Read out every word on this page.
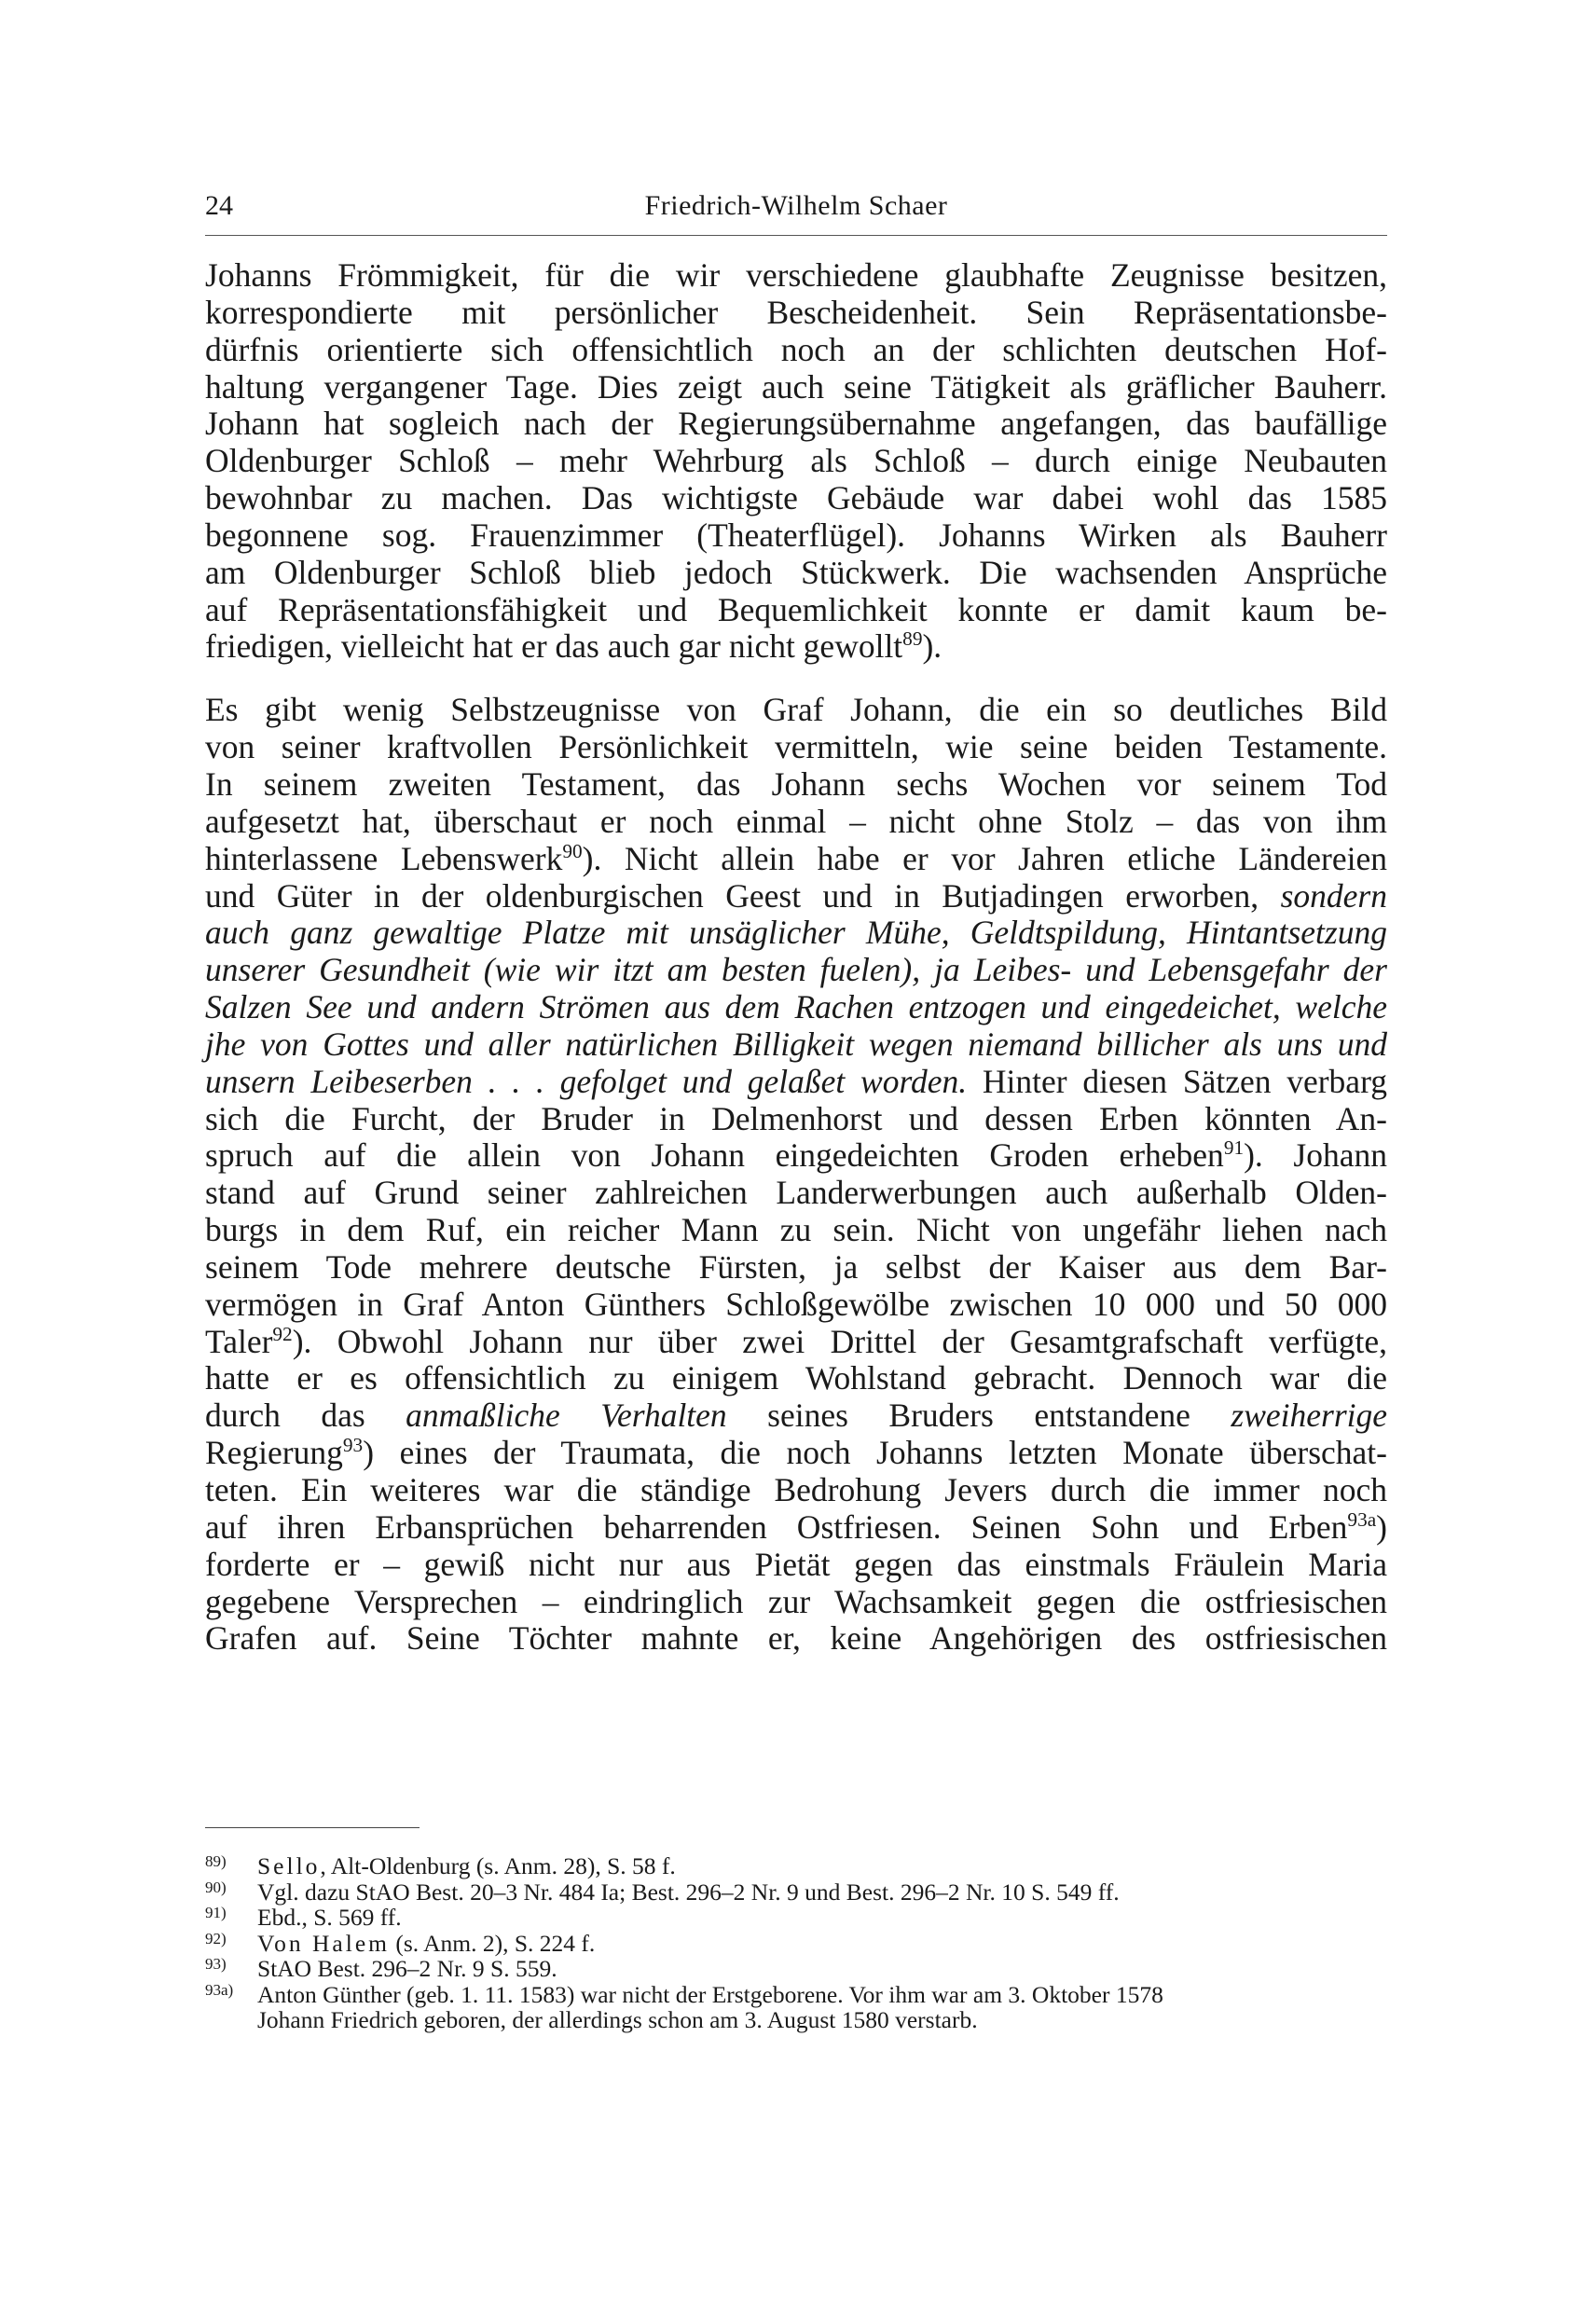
24	Friedrich-Wilhelm Schaer
Johanns Frömmigkeit, für die wir verschiedene glaubhafte Zeugnisse besitzen,
korrespondierte mit persönlicher Bescheidenheit. Sein Repräsentationsbe-
dürfnis orientierte sich offensichtlich noch an der schlichten deutschen Hof-
haltung vergangener Tage. Dies zeigt auch seine Tätigkeit als gräflicher Bauherr.
Johann hat sogleich nach der Regierungsübernahme angefangen, das baufällige
Oldenburger Schloß – mehr Wehrburg als Schloß – durch einige Neubauten
bewohnbar zu machen. Das wichtigste Gebäude war dabei wohl das 1585
begonnene sog. Frauenzimmer (Theaterflügel). Johanns Wirken als Bauherr
am Oldenburger Schloß blieb jedoch Stückwerk. Die wachsenden Ansprüche
auf Repräsentationsfähigkeit und Bequemlichkeit konnte er damit kaum be-
friedigen, vielleicht hat er das auch gar nicht gewollt$^{89}$).
Es gibt wenig Selbstzeugnisse von Graf Johann, die ein so deutliches Bild
von seiner kraftvollen Persönlichkeit vermitteln, wie seine beiden Testamente.
In seinem zweiten Testament, das Johann sechs Wochen vor seinem Tod
aufgesetzt hat, überschaut er noch einmal – nicht ohne Stolz – das von ihm
hinterlassene Lebenswerk$^{90}$). Nicht allein habe er vor Jahren etliche Ländereien
und Güter in der oldenburgischen Geest und in Butjadingen erworben, sondern
auch ganz gewaltige Platze mit unsäglicher Mühe, Geldtspildung, Hintantsetzung
unserer Gesundheit (wie wir itzt am besten fuelen), ja Leibes- und Lebensgefahr der
Salzen See und andern Strömen aus dem Rachen entzogen und eingedeichet, welche
jhe von Gottes und aller natürlichen Billigkeit wegen niemand billicher als uns und
unsern Leibeserben . . . gefolget und gelaßet worden. Hinter diesen Sätzen verbarg
sich die Furcht, der Bruder in Delmenhorst und dessen Erben könnten An-
spruch auf die allein von Johann eingedeichten Groden erheben$^{91}$). Johann
stand auf Grund seiner zahlreichen Landerwerbungen auch außerhalb Olden-
burgs in dem Ruf, ein reicher Mann zu sein. Nicht von ungefähr liehen nach
seinem Tode mehrere deutsche Fürsten, ja selbst der Kaiser aus dem Bar-
vermögen in Graf Anton Günthers Schloßgewölbe zwischen 10 000 und 50 000
Taler$^{92}$). Obwohl Johann nur über zwei Drittel der Gesamtgrafschaft verfügte,
hatte er es offensichtlich zu einigem Wohlstand gebracht. Dennoch war die
durch das anmaßliche Verhalten seines Bruders entstandene zweiherrige
Regierung$^{93}$) eines der Traumata, die noch Johanns letzten Monate überschat-
teten. Ein weiteres war die ständige Bedrohung Jevers durch die immer noch
auf ihren Erbansprüchen beharrenden Ostfriesen. Seinen Sohn und Erben$^{93a}$)
forderte er – gewiß nicht nur aus Pietät gegen das einstmals Fräulein Maria
gegebene Versprechen – eindringlich zur Wachsamkeit gegen die ostfriesischen
Grafen auf. Seine Töchter mahnte er, keine Angehörigen des ostfriesischen
89) Sello, Alt-Oldenburg (s. Anm. 28), S. 58 f.
90) Vgl. dazu StAO Best. 20–3 Nr. 484 Ia; Best. 296–2 Nr. 9 und Best. 296–2 Nr. 10 S. 549 ff.
91) Ebd., S. 569 ff.
92) Von Halem (s. Anm. 2), S. 224 f.
93) StAO Best. 296–2 Nr. 9 S. 559.
93a) Anton Günther (geb. 1. 11. 1583) war nicht der Erstgeborene. Vor ihm war am 3. Oktober 1578
Johann Friedrich geboren, der allerdings schon am 3. August 1580 verstarb.
